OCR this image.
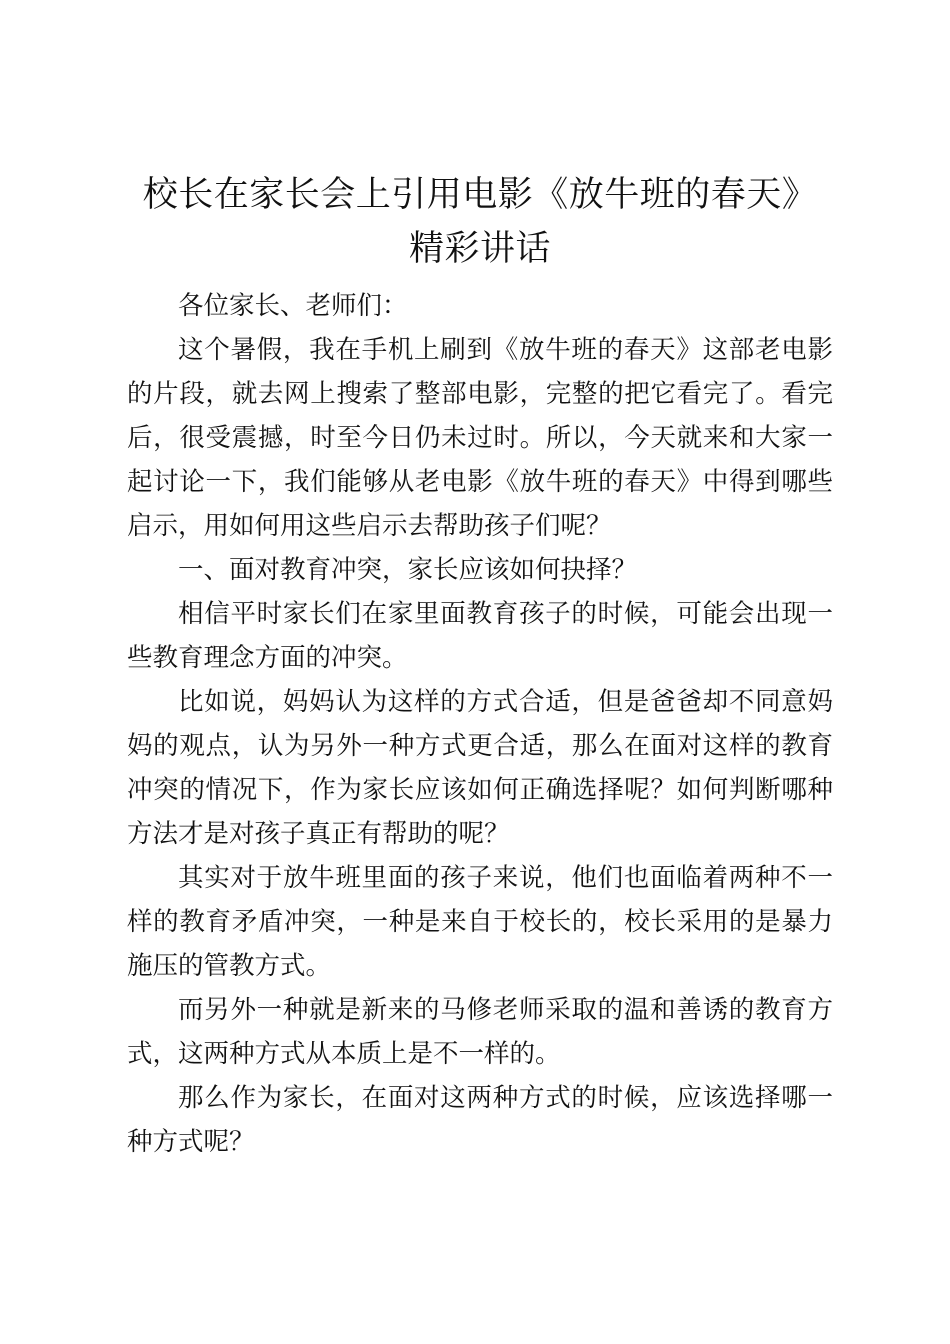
校长在家长会上引用电影《放牛班的春天》精彩讲话

各位家长、老师们：

这个暑假，我在手机上刷到《放牛班的春天》这部老电影的片段，就去网上搜索了整部电影，完整的把它看完了。看完后，很受震撼，时至今日仍未过时。所以，今天就来和大家一起讨论一下，我们能够从老电影《放牛班的春天》中得到哪些启示，用如何用这些启示去帮助孩子们呢？

一、面对教育冲突，家长应该如何抉择？

相信平时家长们在家里面教育孩子的时候，可能会出现一些教育理念方面的冲突。

比如说，妈妈认为这样的方式合适，但是爸爸却不同意妈妈的观点，认为另外一种方式更合适，那么在面对这样的教育冲突的情况下，作为家长应该如何正确选择呢？如何判断哪种方法才是对孩子真正有帮助的呢？

其实对于放牛班里面的孩子来说，他们也面临着两种不一样的教育矛盾冲突，一种是来自于校长的，校长采用的是暴力施压的管教方式。

而另外一种就是新来的马修老师采取的温和善诱的教育方式，这两种方式从本质上是不一样的。

那么作为家长，在面对这两种方式的时候，应该选择哪一种方式呢？
